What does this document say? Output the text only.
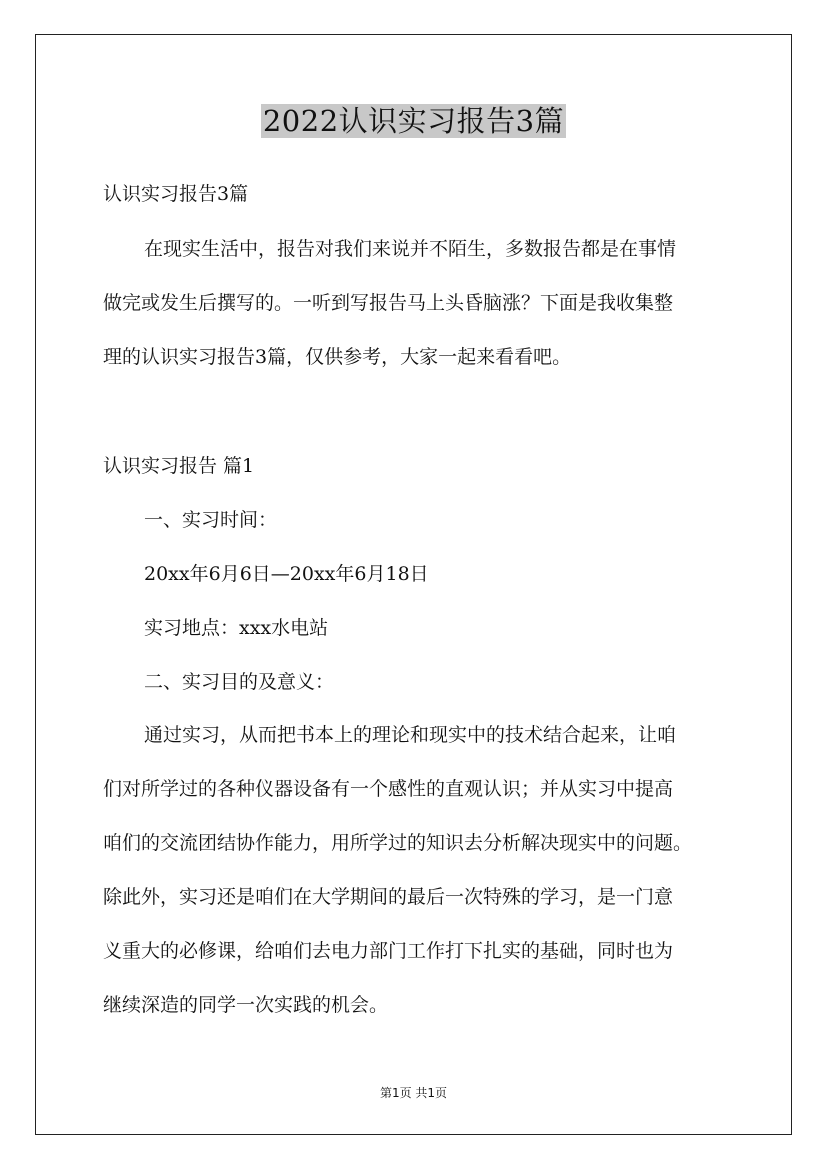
2022认识实习报告3篇
认识实习报告3篇
在现实生活中，报告对我们来说并不陌生，多数报告都是在事情
做完或发生后撰写的。一听到写报告马上头昏脑涨？下面是我收集整
理的认识实习报告3篇，仅供参考，大家一起来看看吧。
认识实习报告 篇1
一、实习时间：
20xx年6月6日—20xx年6月18日
实习地点：xxx水电站
二、实习目的及意义：
通过实习，从而把书本上的理论和现实中的技术结合起来，让咱
们对所学过的各种仪器设备有一个感性的直观认识；并从实习中提高
咱们的交流团结协作能力，用所学过的知识去分析解决现实中的问题。
除此外，实习还是咱们在大学期间的最后一次特殊的学习，是一门意
义重大的必修课，给咱们去电力部门工作打下扎实的基础，同时也为
继续深造的同学一次实践的机会。
第1页 共1页
